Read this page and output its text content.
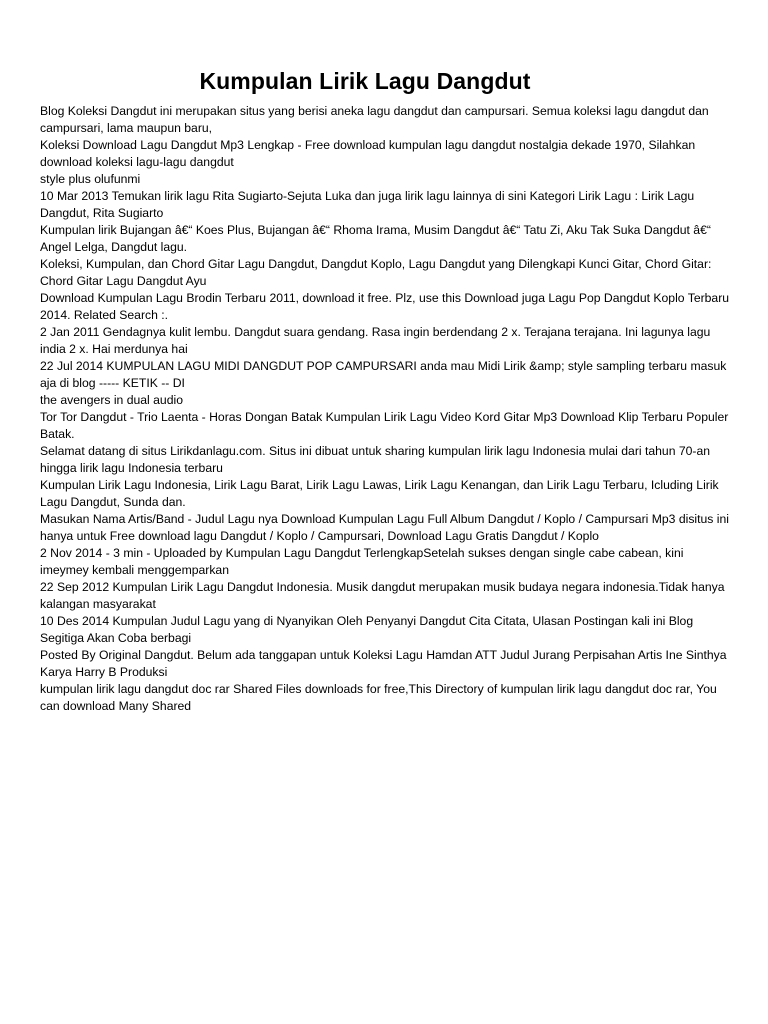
Kumpulan Lirik Lagu Dangdut

Blog Koleksi Dangdut ini merupakan situs yang berisi aneka lagu dangdut dan campursari. Semua koleksi lagu dangdut dan campursari, lama maupun baru,

Koleksi Download Lagu Dangdut Mp3 Lengkap - Free download kumpulan lagu dangdut nostalgia dekade 1970, Silahkan download koleksi lagu-lagu dangdut

style plus olufunmi

10 Mar 2013 Temukan lirik lagu Rita Sugiarto-Sejuta Luka dan juga lirik lagu lainnya di sini Kategori Lirik Lagu : Lirik Lagu Dangdut, Rita Sugiarto

Kumpulan lirik Bujangan â€“ Koes Plus, Bujangan â€“ Rhoma Irama, Musim Dangdut â€“ Tatu Zi, Aku Tak Suka Dangdut â€“ Angel Lelga, Dangdut lagu.

Koleksi, Kumpulan, dan Chord Gitar Lagu Dangdut, Dangdut Koplo, Lagu Dangdut yang Dilengkapi Kunci Gitar, Chord Gitar: Chord Gitar Lagu Dangdut Ayu

Download Kumpulan Lagu Brodin Terbaru 2011, download it free. Plz, use this Download juga Lagu Pop Dangdut Koplo Terbaru 2014. Related Search :.

2 Jan 2011 Gendagnya kulit lembu. Dangdut suara gendang. Rasa ingin berdendang 2 x. Terajana terajana. Ini lagunya lagu india 2 x. Hai merdunya hai

22 Jul 2014 KUMPULAN LAGU MIDI DANGDUT POP CAMPURSARI anda mau Midi Lirik &amp; style sampling terbaru masuk aja di blog ----- KETIK -- DI

the avengers in dual audio

Tor Tor Dangdut - Trio Laenta - Horas Dongan Batak Kumpulan Lirik Lagu Video Kord Gitar Mp3 Download Klip Terbaru Populer Batak.

Selamat datang di situs Lirikdanlagu.com. Situs ini dibuat untuk sharing kumpulan lirik lagu Indonesia mulai dari tahun 70-an hingga lirik lagu Indonesia terbaru

Kumpulan Lirik Lagu Indonesia, Lirik Lagu Barat, Lirik Lagu Lawas, Lirik Lagu Kenangan, dan Lirik Lagu Terbaru, Icluding Lirik Lagu Dangdut, Sunda dan.

Masukan Nama Artis/Band - Judul Lagu nya Download Kumpulan Lagu Full Album Dangdut / Koplo / Campursari Mp3 disitus ini hanya untuk Free download lagu Dangdut / Koplo / Campursari, Download Lagu Gratis Dangdut / Koplo

2 Nov 2014 - 3 min - Uploaded by Kumpulan Lagu Dangdut TerlengkapSetelah sukses dengan single cabe cabean, kini imeymey kembali menggemparkan

22 Sep 2012 Kumpulan Lirik Lagu Dangdut Indonesia. Musik dangdut merupakan musik budaya negara indonesia.Tidak hanya kalangan masyarakat

10 Des 2014 Kumpulan Judul Lagu yang di Nyanyikan Oleh Penyanyi Dangdut Cita Citata, Ulasan Postingan kali ini Blog Segitiga Akan Coba berbagi

Posted By Original Dangdut. Belum ada tanggapan untuk Koleksi Lagu Hamdan ATT Judul Jurang Perpisahan Artis Ine Sinthya Karya Harry B Produksi

kumpulan lirik lagu dangdut doc rar Shared Files downloads for free,This Directory of kumpulan lirik lagu dangdut doc rar, You can download Many Shared
